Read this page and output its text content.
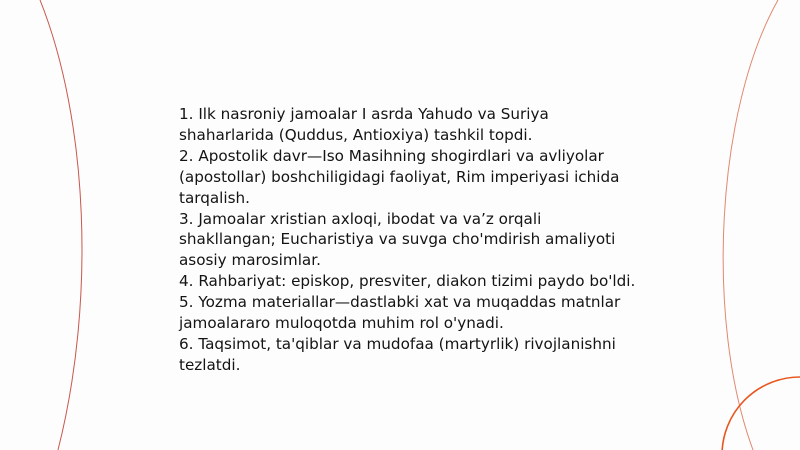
1. Ilk nasroniy jamoalar I asrda Yahudo va Suriya shaharlarida (Quddus, Antioxiya) tashkil topdi.

2. Apostolik davr—Iso Masihning shogirdlari va avliyolar (apostollar) boshchiligidagi faoliyat, Rim imperiyasi ichida tarqalish.

3. Jamoalar xristian axloqi, ibodat va va’z orqali shakllangan; Eucharistiya va suvga cho'mdirish amaliyoti asosiy marosimlar.

4. Rahbariyat: episkop, presviter, diakon tizimi paydo bo'ldi.

5. Yozma materiallar—dastlabki xat va muqaddas matnlar jamoalararo muloqotda muhim rol o'ynadi.

6. Taqsimot, ta'qiblar va mudofaa (martyrlik) rivojlanishni tezlatdi.
